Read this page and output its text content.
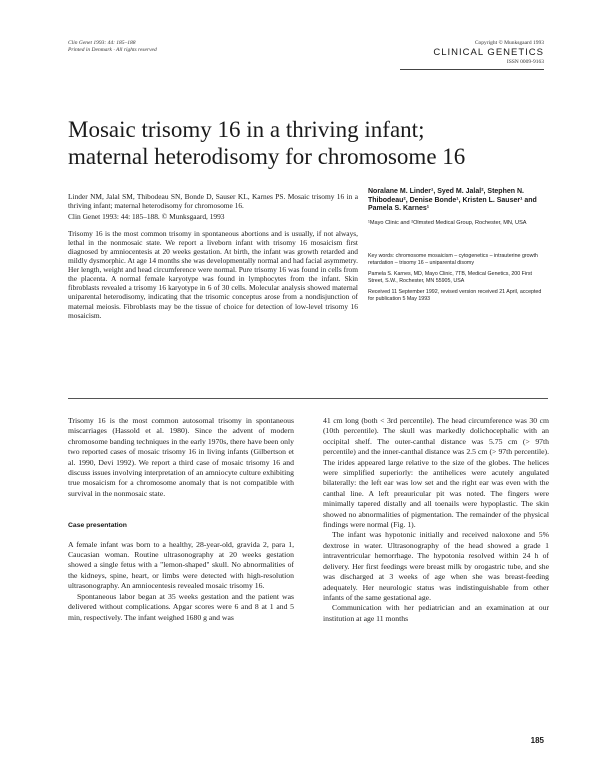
Clin Genet 1993: 44: 185–188
Printed in Denmark · All rights reserved
Copyright © Munksgaard 1993
CLINICAL GENETICS
ISSN 0009-9163
Mosaic trisomy 16 in a thriving infant;
maternal heterodisomy for chromosome 16

Linder NM, Jalal SM, Thibodeau SN, Bonde D, Sauser KL, Karnes PS. Mosaic trisomy 16 in a thriving infant; maternal heterodisomy for chromosome 16.

Clin Genet 1993: 44: 185–188. © Munksgaard, 1993

Trisomy 16 is the most common trisomy in spontaneous abortions and is usually, if not always, lethal in the nonmosaic state. We report a liveborn infant with trisomy 16 mosaicism first diagnosed by amniocentesis at 20 weeks gestation. At birth, the infant was growth retarded and mildly dysmorphic. At age 14 months she was developmentally normal and had facial asymmetry. Her length, weight and head circumference were normal. Pure trisomy 16 was found in cells from the placenta. A normal female karyotype was found in lymphocytes from the infant. Skin fibroblasts revealed a trisomy 16 karyotype in 6 of 30 cells. Molecular analysis showed maternal uniparental heterodisomy, indicating that the trisomic conceptus arose from a nondisjunction of maternal meiosis. Fibroblasts may be the tissue of choice for detection of low-level trisomy 16 mosaicism.

Noralane M. Linder¹, Syed M. Jalal², Stephen N. Thibodeau², Denise Bonde¹, Kristen L. Sauser¹ and Pamela S. Karnes¹
¹Mayo Clinic and ²Olmsted Medical Group, Rochester, MN, USA
Key words: chromosome mosaicism – cytogenetics – intrauterine growth retardation – trisomy 16 – uniparental disomy
Pamela S. Karnes, MD, Mayo Clinic, 7TB, Medical Genetics, 200 First Street, S.W., Rochester, MN 55905, USA
Received 11 September 1992, revised version received 21 April, accepted for publication 5 May 1993

Trisomy 16 is the most common autosomal trisomy in spontaneous miscarriages (Hassold et al. 1980). Since the advent of modern chromosome banding techniques in the early 1970s, there have been only two reported cases of mosaic trisomy 16 in living infants (Gilbertson et al. 1990, Devi 1992). We report a third case of mosaic trisomy 16 and discuss issues involving interpretation of an amniocyte culture exhibiting true mosaicism for a chromosome anomaly that is not compatible with survival in the nonmosaic state.

Case presentation

A female infant was born to a healthy, 28-year-old, gravida 2, para 1, Caucasian woman. Routine ultrasonography at 20 weeks gestation showed a single fetus with a "lemon-shaped" skull. No abnormalities of the kidneys, spine, heart, or limbs were detected with high-resolution ultrasonography. An amniocentesis revealed mosaic trisomy 16.

Spontaneous labor began at 35 weeks gestation and the patient was delivered without complications. Apgar scores were 6 and 8 at 1 and 5 min, respectively. The infant weighed 1680 g and was

41 cm long (both < 3rd percentile). The head circumference was 30 cm (10th percentile). The skull was markedly dolichocephalic with an occipital shelf. The outer-canthal distance was 5.75 cm (> 97th percentile) and the inner-canthal distance was 2.5 cm (> 97th percentile). The irides appeared large relative to the size of the globes. The helices were simplified superiorly: the antihelices were acutely angulated bilaterally: the left ear was low set and the right ear was even with the canthal line. A left preauricular pit was noted. The fingers were minimally tapered distally and all toenails were hypoplastic. The skin showed no abnormalities of pigmentation. The remainder of the physical findings were normal (Fig. 1).

The infant was hypotonic initially and received naloxone and 5% dextrose in water. Ultrasonography of the head showed a grade 1 intraventricular hemorrhage. The hypotonia resolved within 24 h of delivery. Her first feedings were breast milk by orogastric tube, and she was discharged at 3 weeks of age when she was breast-feeding adequately. Her neurologic status was indistinguishable from other infants of the same gestational age.

Communication with her pediatrician and an examination at our institution at age 11 months

185
